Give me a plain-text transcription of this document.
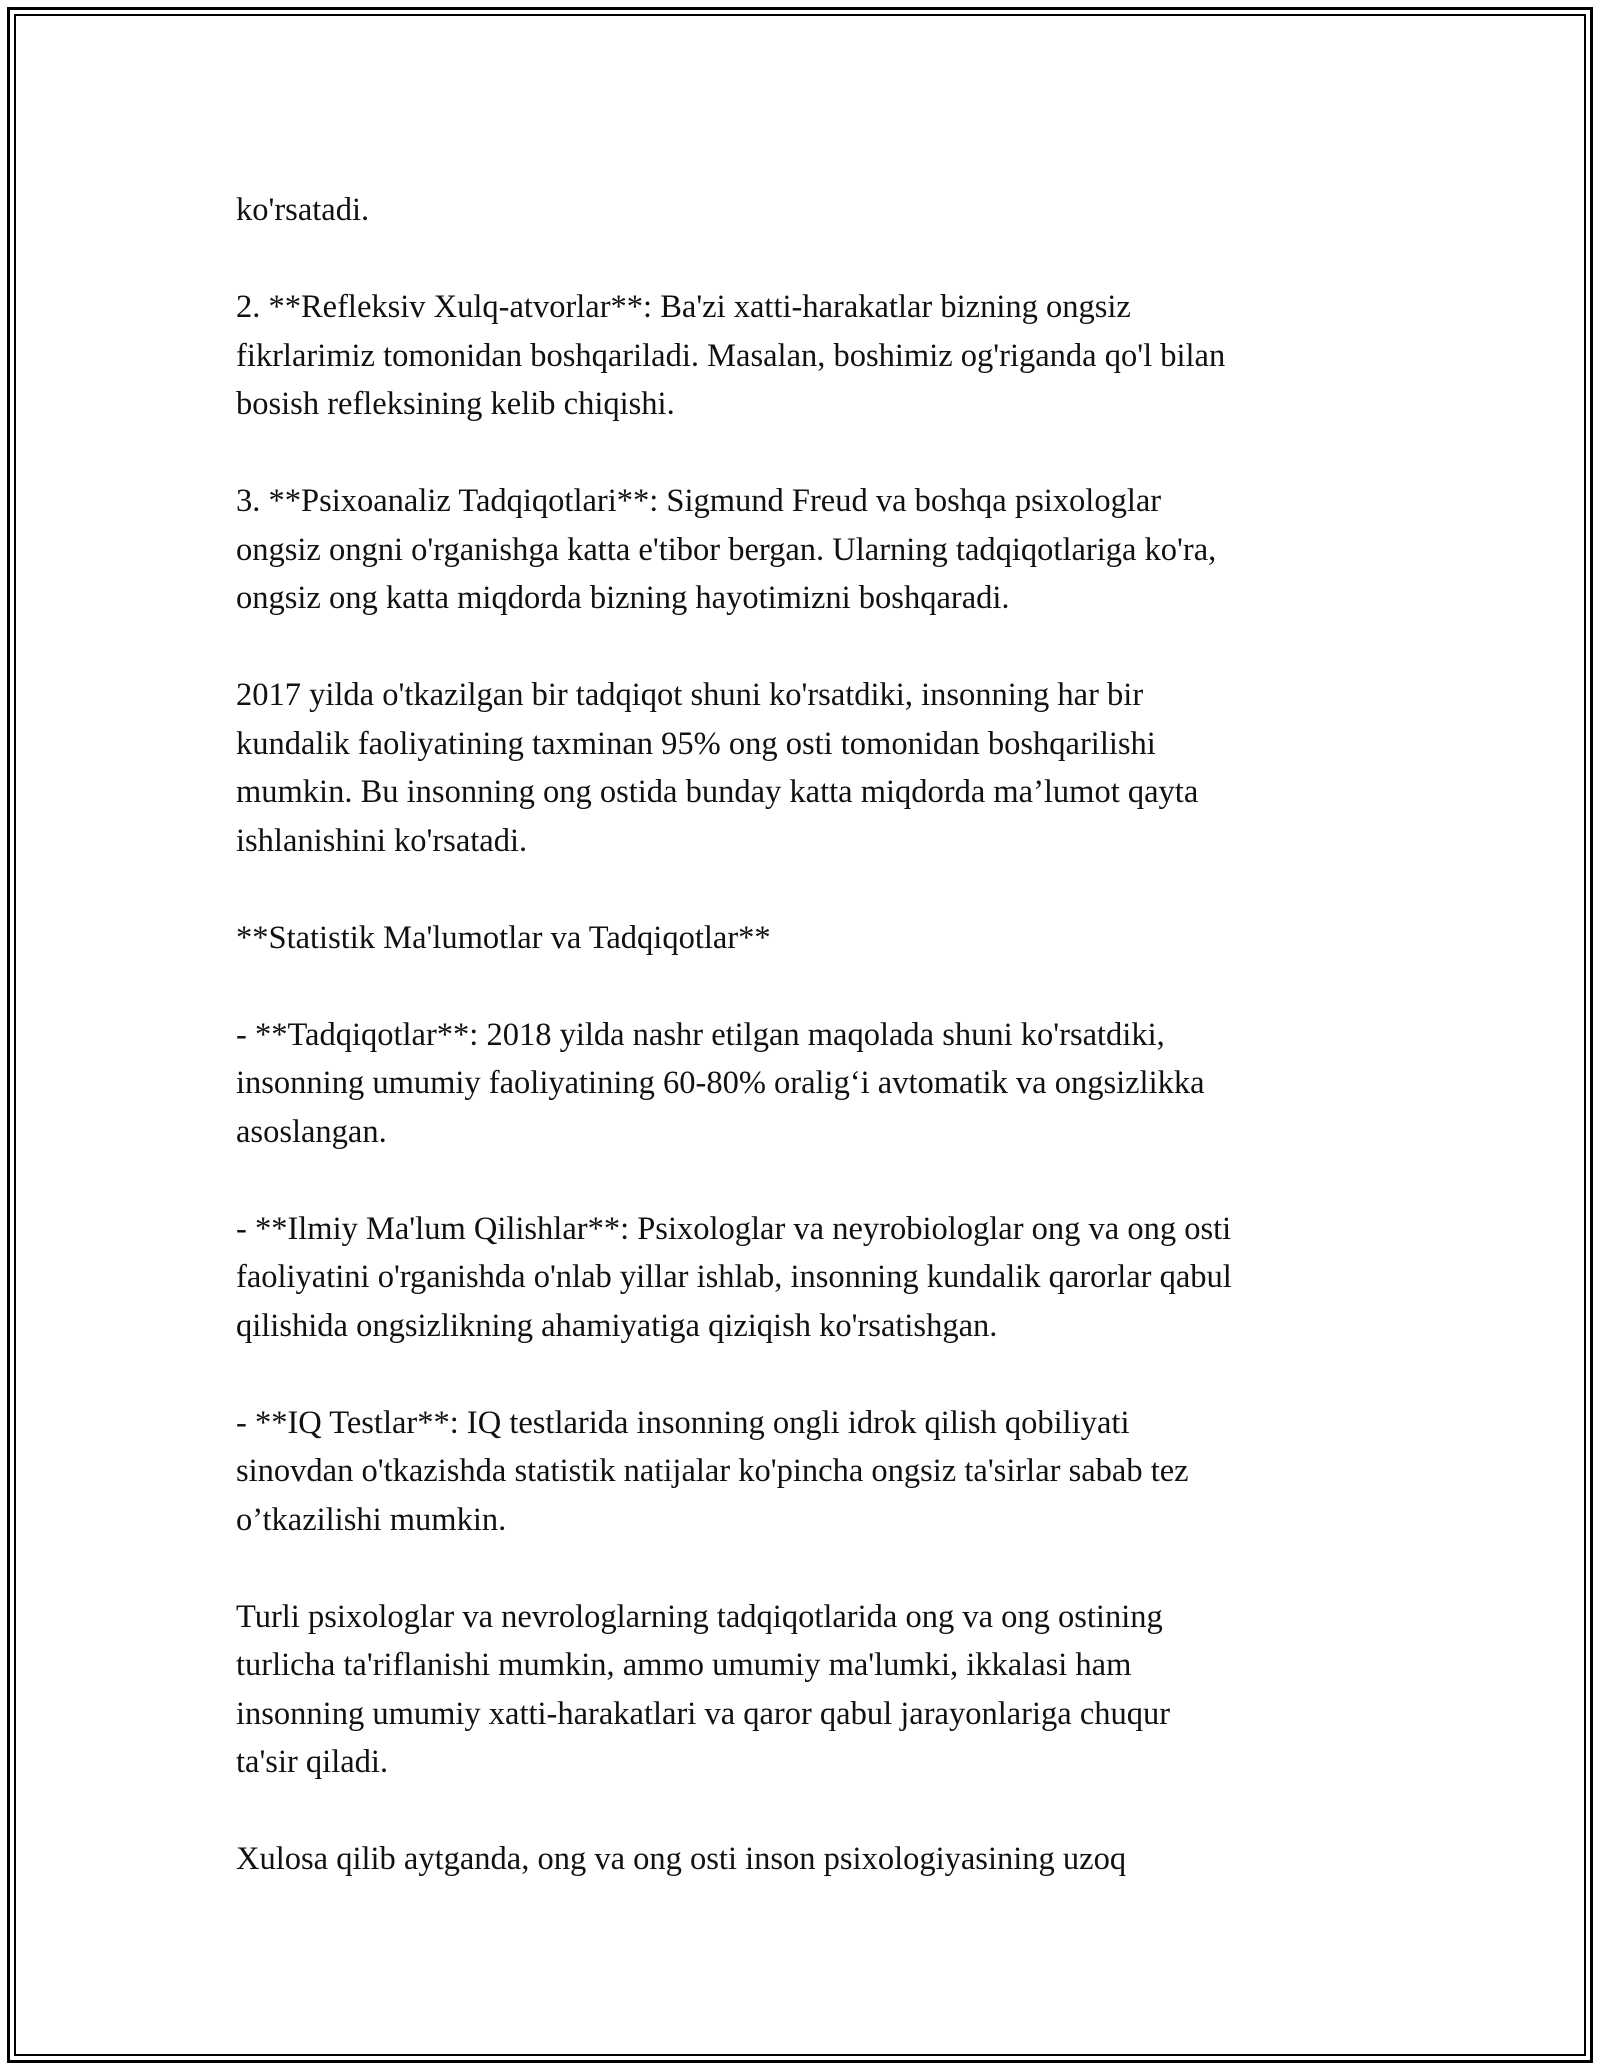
ko'rsatadi.

2. **Refleksiv Xulq-atvorlar**: Ba'zi xatti-harakatlar bizning ongsiz
fikrlarimiz tomonidan boshqariladi. Masalan, boshimiz og'riganda qo'l bilan
bosish refleksining kelib chiqishi.

3. **Psixoanaliz Tadqiqotlari**: Sigmund Freud va boshqa psixologlar
ongsiz ongni o'rganishga katta e'tibor bergan. Ularning tadqiqotlariga ko'ra,
ongsiz ong katta miqdorda bizning hayotimizni boshqaradi.

2017 yilda o'tkazilgan bir tadqiqot shuni ko'rsatdiki, insonning har bir
kundalik faoliyatining taxminan 95% ong osti tomonidan boshqarilishi
mumkin. Bu insonning ong ostida bunday katta miqdorda ma’lumot qayta
ishlanishini ko'rsatadi.

**Statistik Ma'lumotlar va Tadqiqotlar**

- **Tadqiqotlar**: 2018 yilda nashr etilgan maqolada shuni ko'rsatdiki,
insonning umumiy faoliyatining 60-80% oralig‘i avtomatik va ongsizlikka
asoslangan.

- **Ilmiy Ma'lum Qilishlar**: Psixologlar va neyrobiologlar ong va ong osti
faoliyatini o'rganishda o'nlab yillar ishlab, insonning kundalik qarorlar qabul
qilishida ongsizlikning ahamiyatiga qiziqish ko'rsatishgan.

- **IQ Testlar**: IQ testlarida insonning ongli idrok qilish qobiliyati
sinovdan o'tkazishda statistik natijalar ko'pincha ongsiz ta'sirlar sabab tez
o’tkazilishi mumkin.

Turli psixologlar va nevrologlarning tadqiqotlarida ong va ong ostining
turlicha ta'riflanishi mumkin, ammo umumiy ma'lumki, ikkalasi ham
insonning umumiy xatti-harakatlari va qaror qabul jarayonlariga chuqur
ta'sir qiladi.

Xulosa qilib aytganda, ong va ong osti inson psixologiyasining uzoq
